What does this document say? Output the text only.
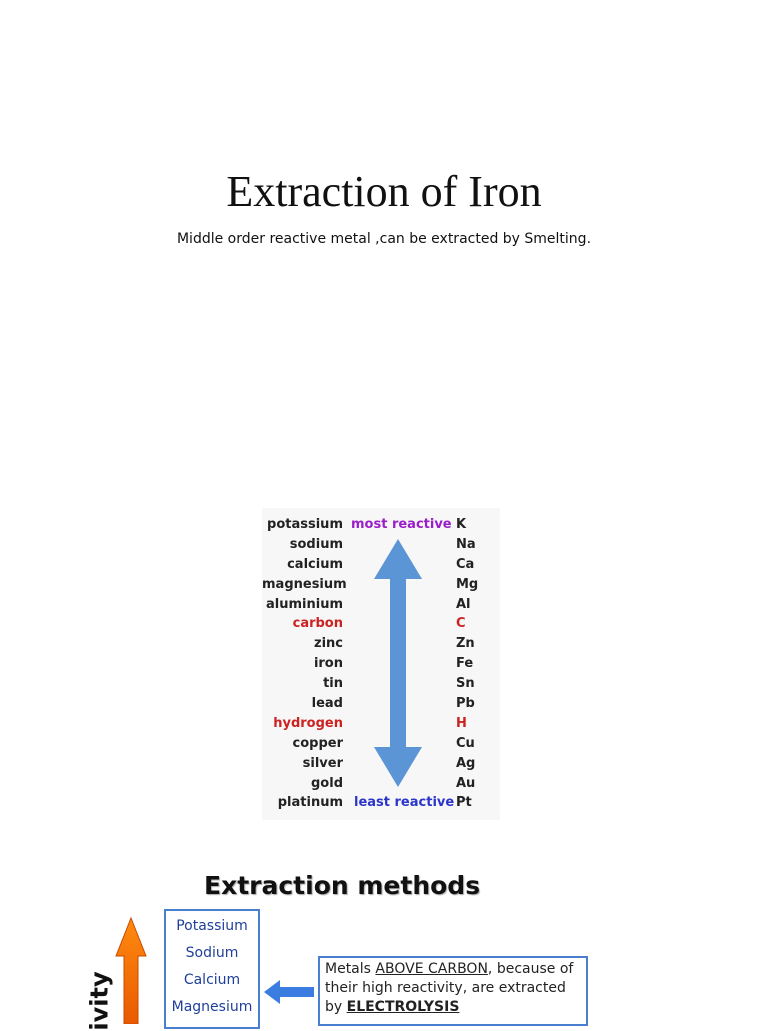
Extraction of Iron
Middle order reactive metal ,can be extracted by Smelting.
potassium
sodium
calcium
magnesium
aluminium
carbon
zinc
iron
tin
lead
hydrogen
copper
silver
gold
platinum
most reactive
least reactive
K
Na
Ca
Mg
Al
C
Zn
Fe
Sn
Pb
H
Cu
Ag
Au
Pt
Extraction methods
ivity
Potassium
Sodium
Calcium
Magnesium
Metals ABOVE CARBON, because of their high reactivity, are extracted by ELECTROLYSIS
